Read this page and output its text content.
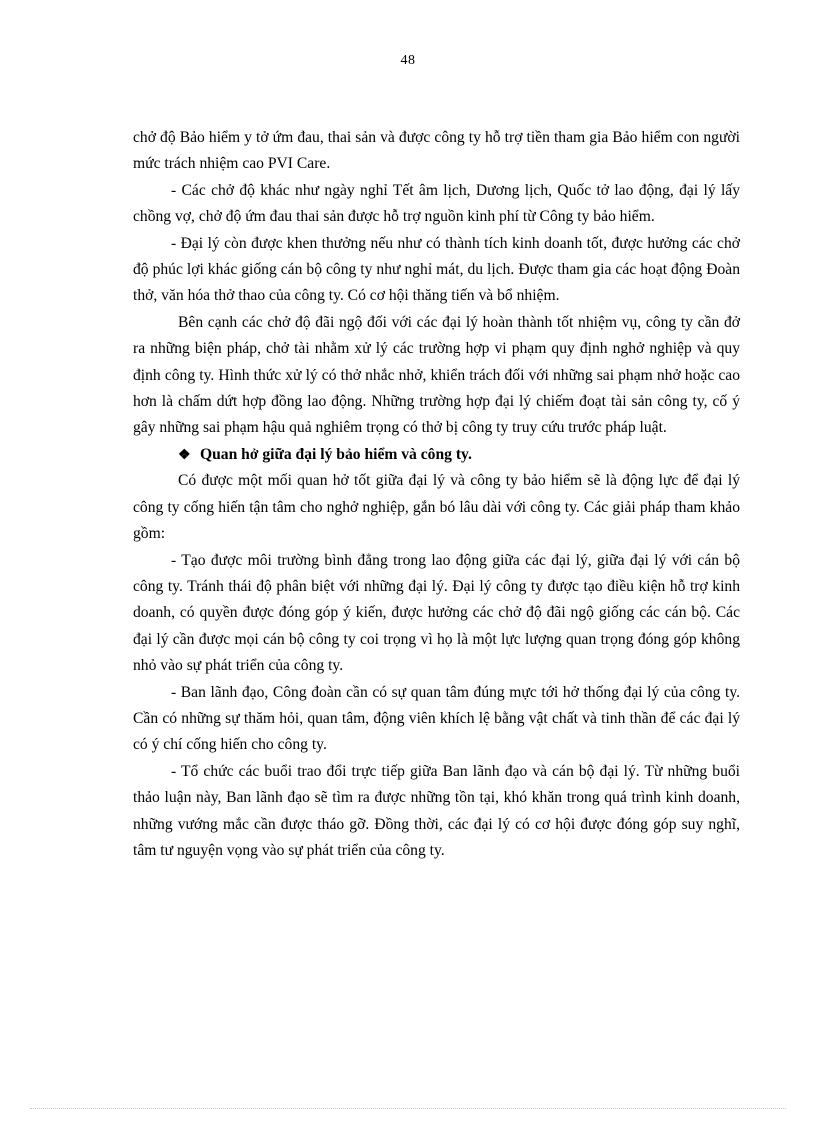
48

chở độ Bảo hiểm y tở ứm đau, thai sản và được công ty hỗ trợ tiền tham gia Bảo hiểm con người mức trách nhiệm cao PVI Care.

- Các chở độ khác như ngày nghỉ Tết âm lịch, Dương lịch, Quốc tở lao động, đại lý lấy chồng vợ, chở độ ứm đau thai sản được hỗ trợ nguồn kinh phí từ Công ty bảo hiểm.

- Đại lý còn được khen thưởng nếu như có thành tích kinh doanh tốt, được hưởng các chở độ phúc lợi khác giống cán bộ công ty như nghỉ mát, du lịch. Được tham gia các hoạt động Đoàn thở, văn hóa thở thao của công ty. Có cơ hội thăng tiến và bổ nhiệm.

Bên cạnh các chở độ đãi ngộ đối với các đại lý hoàn thành tốt nhiệm vụ, công ty cần đở ra những biện pháp, chở tài nhằm xử lý các trường hợp vi phạm quy định nghở nghiệp và quy định công ty. Hình thức xử lý có thở nhắc nhở, khiển trách đối với những sai phạm nhở hoặc cao hơn là chấm dứt hợp đồng lao động. Những trường hợp đại lý chiếm đoạt tài sản công ty, cố ý gây những sai phạm hậu quả nghiêm trọng có thở bị công ty truy cứu trước pháp luật.

❖ Quan hở giữa đại lý bảo hiểm và công ty.

Có được một mối quan hở tốt giữa đại lý và công ty bảo hiểm sẽ là động lực để đại lý công ty cống hiến tận tâm cho nghở nghiệp, gắn bó lâu dài với công ty. Các giải pháp tham khảo gồm:

- Tạo được môi trường bình đẳng trong lao động giữa các đại lý, giữa đại lý với cán bộ công ty. Tránh thái độ phân biệt với những đại lý. Đại lý công ty được tạo điều kiện hỗ trợ kinh doanh, có quyền được đóng góp ý kiến, được hưởng các chở độ đãi ngộ giống các cán bộ. Các đại lý cần được mọi cán bộ công ty coi trọng vì họ là một lực lượng quan trọng đóng góp không nhỏ vào sự phát triển của công ty.

- Ban lãnh đạo, Công đoàn cần có sự quan tâm đúng mực tới hở thống đại lý của công ty. Cần có những sự thăm hỏi, quan tâm, động viên khích lệ bằng vật chất và tinh thần để các đại lý có ý chí cống hiến cho công ty.

- Tổ chức các buổi trao đổi trực tiếp giữa Ban lãnh đạo và cán bộ đại lý. Từ những buổi thảo luận này, Ban lãnh đạo sẽ tìm ra được những tồn tại, khó khăn trong quá trình kinh doanh, những vướng mắc cần được tháo gỡ. Đồng thời, các đại lý có cơ hội được đóng góp suy nghĩ, tâm tư nguyện vọng vào sự phát triển của công ty.
